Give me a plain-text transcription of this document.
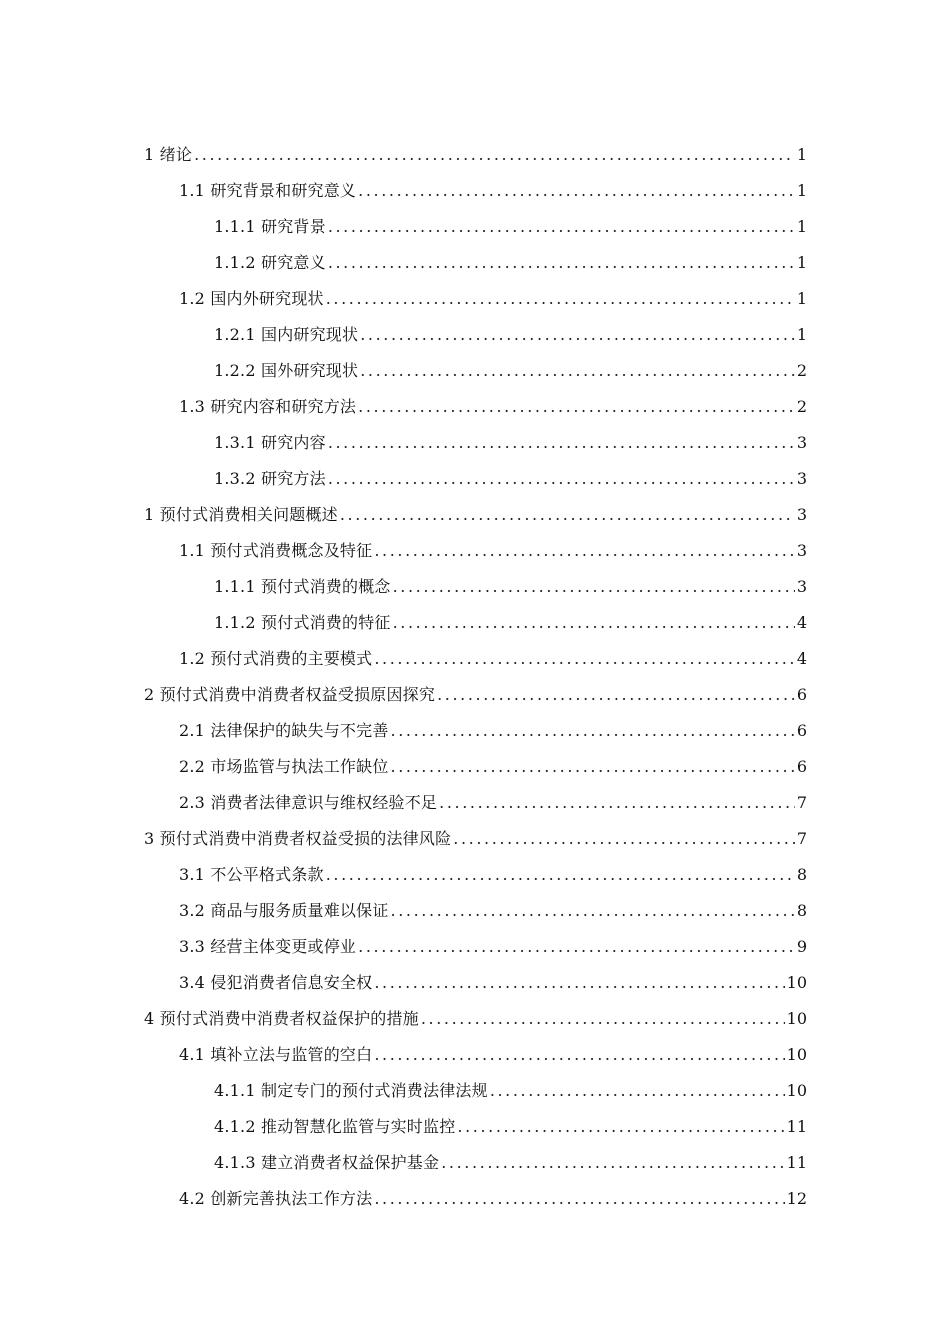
1 绪论 .....	1
1.1 研究背景和研究意义 .....	1
1.1.1 研究背景 .....	1
1.1.2 研究意义 .....	1
1.2 国内外研究现状 .....	1
1.2.1 国内研究现状 .....	1
1.2.2 国外研究现状 .....	2
1.3 研究内容和研究方法 .....	2
1.3.1 研究内容 .....	3
1.3.2 研究方法 .....	3
1 预付式消费相关问题概述 .....	3
1.1 预付式消费概念及特征 .....	3
1.1.1 预付式消费的概念 .....	3
1.1.2 预付式消费的特征 .....	4
1.2 预付式消费的主要模式 .....	4
2 预付式消费中消费者权益受损原因探究 .....	6
2.1 法律保护的缺失与不完善 .....	6
2.2 市场监管与执法工作缺位 .....	6
2.3 消费者法律意识与维权经验不足 .....	7
3 预付式消费中消费者权益受损的法律风险 .....	7
3.1 不公平格式条款 .....	8
3.2 商品与服务质量难以保证 .....	8
3.3 经营主体变更或停业 .....	9
3.4 侵犯消费者信息安全权 .....	10
4 预付式消费中消费者权益保护的措施 .....	10
4.1 填补立法与监管的空白 .....	10
4.1.1 制定专门的预付式消费法律法规 .....	10
4.1.2 推动智慧化监管与实时监控 .....	11
4.1.3 建立消费者权益保护基金 .....	11
4.2 创新完善执法工作方法 .....	12
